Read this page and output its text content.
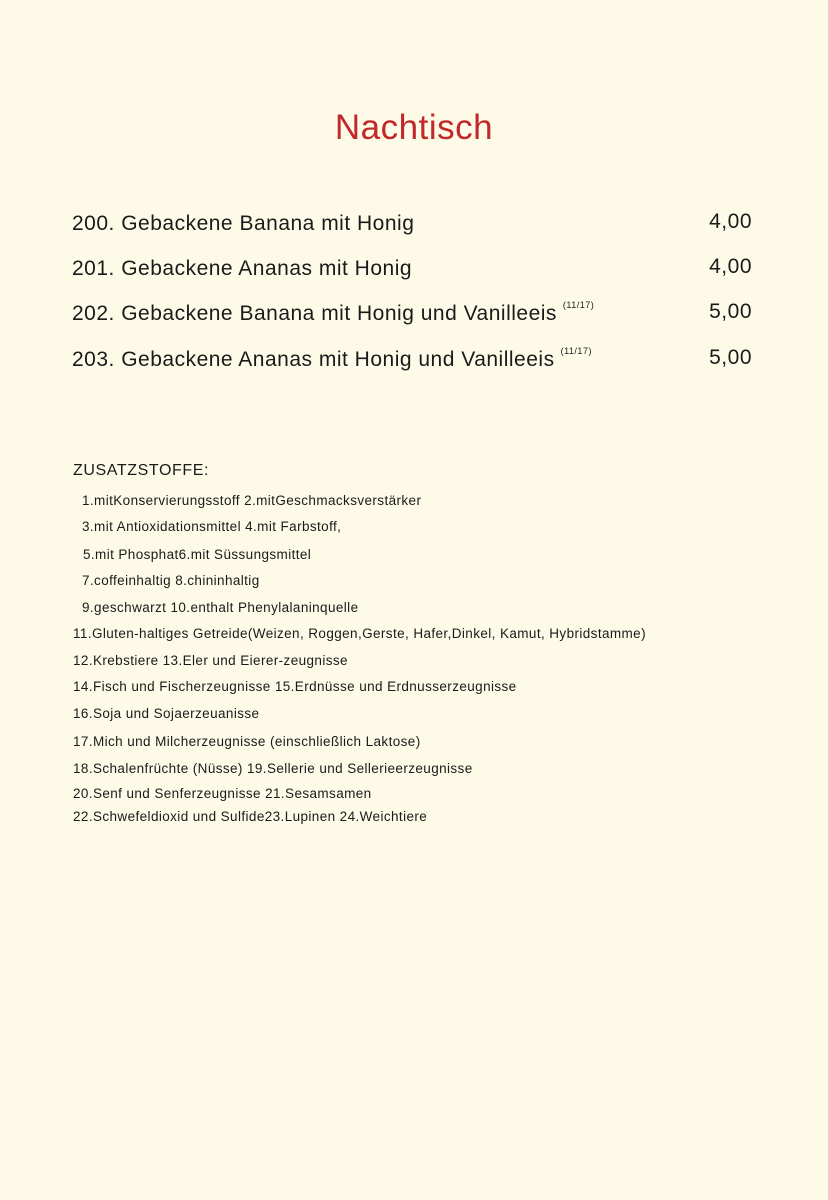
Nachtisch
200. Gebackene Banana mit Honig	4,00
201. Gebackene Ananas mit Honig	4,00
202. Gebackene Banana mit Honig und Vanilleeis $^{(11/17)}$	5,00
203. Gebackene Ananas mit Honig und Vanilleeis $^{(11/17)}$	5,00
ZUSATZSTOFFE:
1.mitKonservierungsstoff 2.mitGeschmacksverstärker
3.mit Antioxidationsmittel 4.mit Farbstoff,
5.mit Phosphat6.mit Süssungsmittel
7.coffeinhaltig 8.chininhaltig
9.geschwarzt 10.enthalt Phenylalaninquelle
11.Gluten-haltiges Getreide(Weizen, Roggen,Gerste, Hafer,Dinkel, Kamut, Hybridstamme)
12.Krebstiere 13.Eler und Eierer-zeugnisse
14.Fisch und Fischerzeugnisse 15.Erdnüsse und Erdnusserzeugnisse
16.Soja und Sojaerzeuanisse
17.Mich und Milcherzeugnisse (einschließlich Laktose)
18.Schalenfrüchte (Nüsse) 19.Sellerie und Sellerieerzeugnisse
20.Senf und Senferzeugnisse 21.Sesamsamen
22.Schwefeldioxid und Sulfide23.Lupinen 24.Weichtiere
